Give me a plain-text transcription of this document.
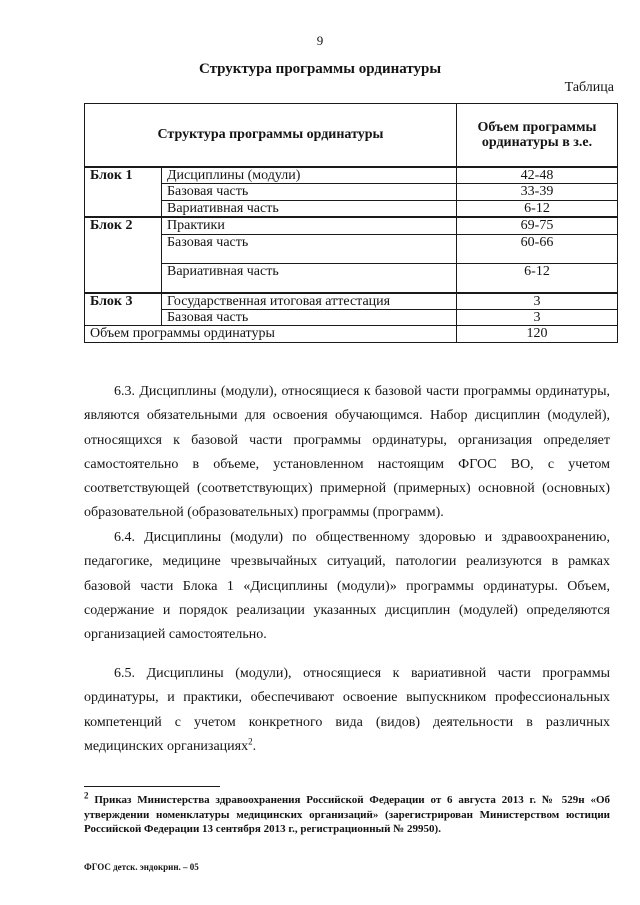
9
Структура программы ординатуры
Таблица
Структура программы ординатуры		Объем программы ординатуры в з.е.
Блок 1	Дисциплины (модули)	42-48
	Базовая часть	33-39
	Вариативная часть	6-12
Блок 2	Практики	69-75
	Базовая часть	60-66
	Вариативная часть	6-12
Блок 3	Государственная итоговая аттестация	3
	Базовая часть	3
Объем программы ординатуры		120

6.3. Дисциплины (модули), относящиеся к базовой части программы ординатуры, являются обязательными для освоения обучающимся. Набор дисциплин (модулей), относящихся к базовой части программы ординатуры, организация определяет самостоятельно в объеме, установленном настоящим ФГОС ВО, с учетом соответствующей (соответствующих) примерной (примерных) основной (основных) образовательной (образовательных) программы (программ).

6.4. Дисциплины (модули) по общественному здоровью и здравоохранению, педагогике, медицине чрезвычайных ситуаций, патологии реализуются в рамках базовой части Блока 1 «Дисциплины (модули)» программы ординатуры. Объем, содержание и порядок реализации указанных дисциплин (модулей) определяются организацией самостоятельно.

6.5. Дисциплины (модули), относящиеся к вариативной части программы ординатуры, и практики, обеспечивают освоение выпускником профессиональных компетенций с учетом конкретного вида (видов) деятельности в различных медицинских организациях$^2$.

$^2$ Приказ Министерства здравоохранения Российской Федерации от 6 августа 2013 г. № 529н «Об утверждении номенклатуры медицинских организаций» (зарегистрирован Министерством юстиции Российской Федерации 13 сентября 2013 г., регистрационный № 29950).

ФГОС детск. эндокрин. – 05
